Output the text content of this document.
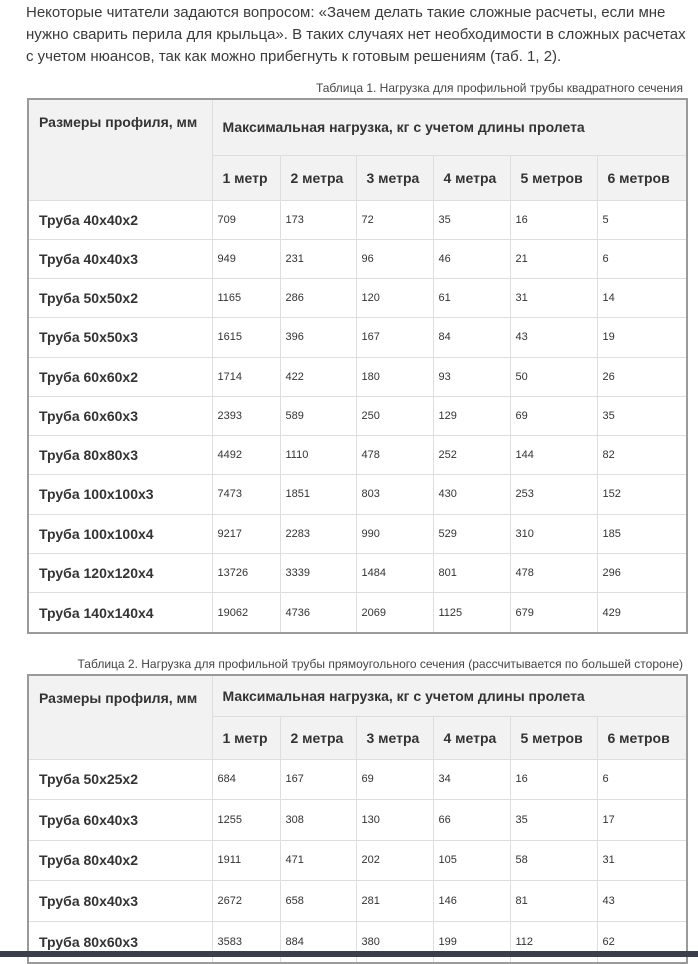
Некоторые читатели задаются вопросом: «Зачем делать такие сложные расчеты, если мне нужно сварить перила для крыльца». В таких случаях нет необходимости в сложных расчетах с учетом нюансов, так как можно прибегнуть к готовым решениям (таб. 1, 2).

Таблица 1. Нагрузка для профильной трубы квадратного сечения

Размеры профиля, мм	Максимальная нагрузка, кг с учетом длины пролета					
	1 метр	2 метра	3 метра	4 метра	5 метров	6 метров
Труба 40х40х2	709	173	72	35	16	5
Труба 40х40х3	949	231	96	46	21	6
Труба 50х50х2	1165	286	120	61	31	14
Труба 50х50х3	1615	396	167	84	43	19
Труба 60х60х2	1714	422	180	93	50	26
Труба 60х60х3	2393	589	250	129	69	35
Труба 80х80х3	4492	1110	478	252	144	82
Труба 100х100х3	7473	1851	803	430	253	152
Труба 100х100х4	9217	2283	990	529	310	185
Труба 120х120х4	13726	3339	1484	801	478	296
Труба 140х140х4	19062	4736	2069	1125	679	429

Таблица 2. Нагрузка для профильной трубы прямоугольного сечения (рассчитывается по большей стороне)

Размеры профиля, мм	Максимальная нагрузка, кг с учетом длины пролета					
	1 метр	2 метра	3 метра	4 метра	5 метров	6 метров
Труба 50х25х2	684	167	69	34	16	6
Труба 60х40х3	1255	308	130	66	35	17
Труба 80х40х2	1911	471	202	105	58	31
Труба 80х40х3	2672	658	281	146	81	43
Труба 80х60х3	3583	884	380	199	112	62
